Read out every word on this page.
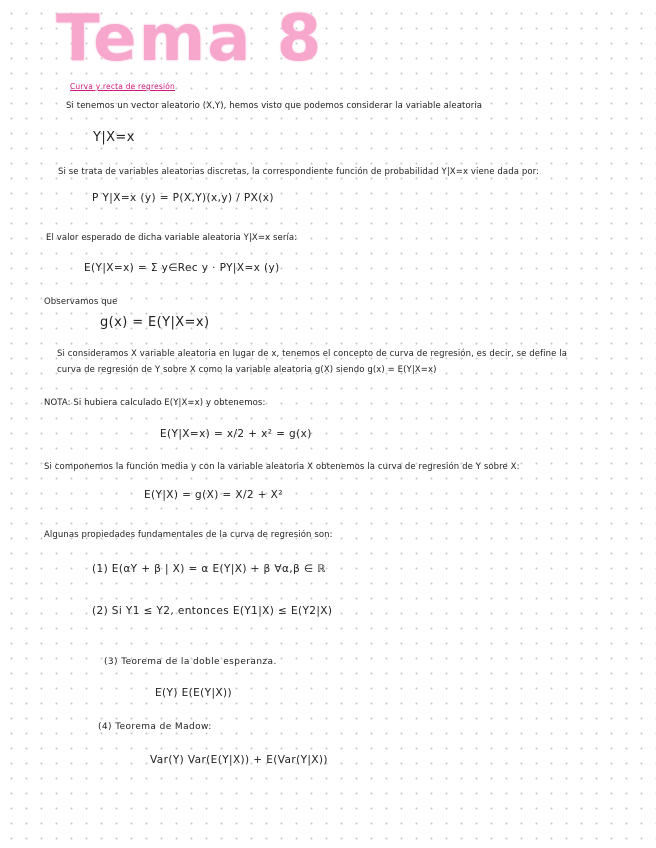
Tema 8
Curva y recta de regresión
Si tenemos un vector aleatorio (X,Y), hemos visto que podemos considerar la variable aleatoria
Y|X=x
Si se trata de variables aleatorias discretas, la correspondiente función de probabilidad Y|X=x viene dada por:
P Y|X=x (y) = P(X,Y)(x,y) / PX(x)
El valor esperado de dicha variable aleatoria Y|X=x sería:
E(Y|X=x) = Σ y∈Rec y · PY|X=x (y)
Observamos que
g(x) = E(Y|X=x)
Si consideramos X variable aleatoria en lugar de x, tenemos el concepto de curva de regresión, es decir, se define la
curva de regresión de Y sobre X como la variable aleatoria g(X) siendo g(x) = E(Y|X=x)
NOTA: Si hubiera calculado E(Y|X=x) y obtenemos:
E(Y|X=x) = x/2 + x² = g(x)
Si componemos la función media y con la variable aleatoria X obtenemos la curva de regresión de Y sobre X:
E(Y|X) = g(X) = X/2 + X²
Algunas propiedades fundamentales de la curva de regresión son:
(1) E(αY + β | X) = α E(Y|X) + β ∀α,β ∈ ℝ
(2) Si Y1 ≤ Y2, entonces E(Y1|X) ≤ E(Y2|X)
(3) Teorema de la doble esperanza.
E(Y) E(E(Y|X))
(4) Teorema de Madow:
Var(Y) Var(E(Y|X)) + E(Var(Y|X))
